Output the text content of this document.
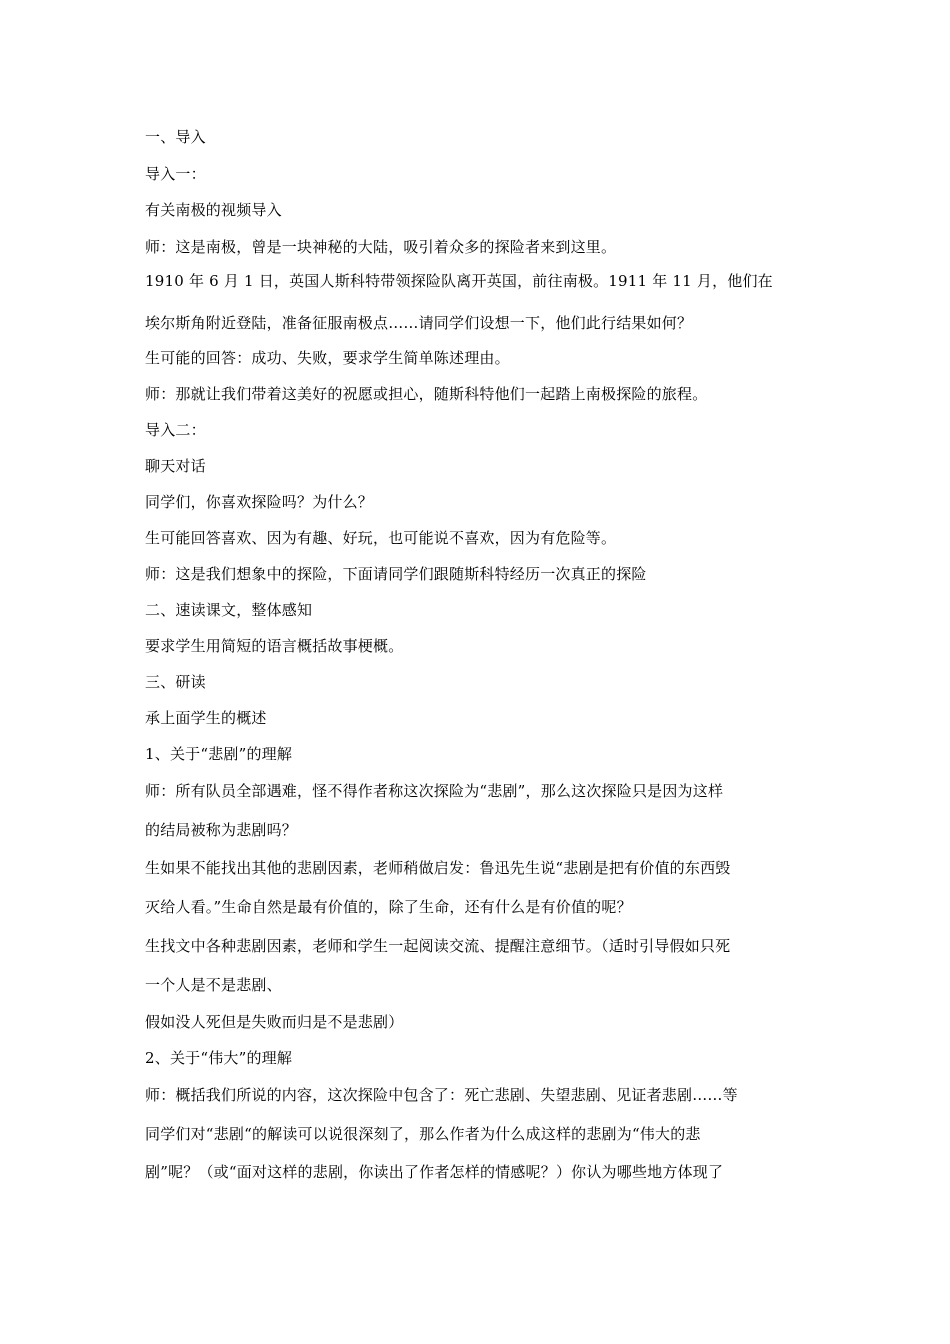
一、导入
导入一：
有关南极的视频导入
师：这是南极，曾是一块神秘的大陆，吸引着众多的探险者来到这里。
1910 年 6 月 1 日，英国人斯科特带领探险队离开英国，前往南极。1911 年 11 月，他们在
埃尔斯角附近登陆，准备征服南极点……请同学们设想一下，他们此行结果如何？
生可能的回答：成功、失败，要求学生简单陈述理由。
师：那就让我们带着这美好的祝愿或担心，随斯科特他们一起踏上南极探险的旅程。
导入二：
聊天对话
同学们，你喜欢探险吗？为什么？
生可能回答喜欢、因为有趣、好玩，也可能说不喜欢，因为有危险等。
师：这是我们想象中的探险，下面请同学们跟随斯科特经历一次真正的探险
二、速读课文，整体感知
要求学生用简短的语言概括故事梗概。
三、研读
承上面学生的概述
1、关于“悲剧”的理解
师：所有队员全部遇难，怪不得作者称这次探险为“悲剧”，那么这次探险只是因为这样
的结局被称为悲剧吗？
生如果不能找出其他的悲剧因素，老师稍做启发：鲁迅先生说“悲剧是把有价值的东西毁
灭给人看。”生命自然是最有价值的，除了生命，还有什么是有价值的呢？
生找文中各种悲剧因素，老师和学生一起阅读交流、提醒注意细节。（适时引导假如只死
一个人是不是悲剧、
假如没人死但是失败而归是不是悲剧）
2、关于“伟大”的理解
师：概括我们所说的内容，这次探险中包含了：死亡悲剧、失望悲剧、见证者悲剧……等
同学们对“悲剧“的解读可以说很深刻了，那么作者为什么成这样的悲剧为“伟大的悲
剧”呢？（或“面对这样的悲剧，你读出了作者怎样的情感呢？）你认为哪些地方体现了
